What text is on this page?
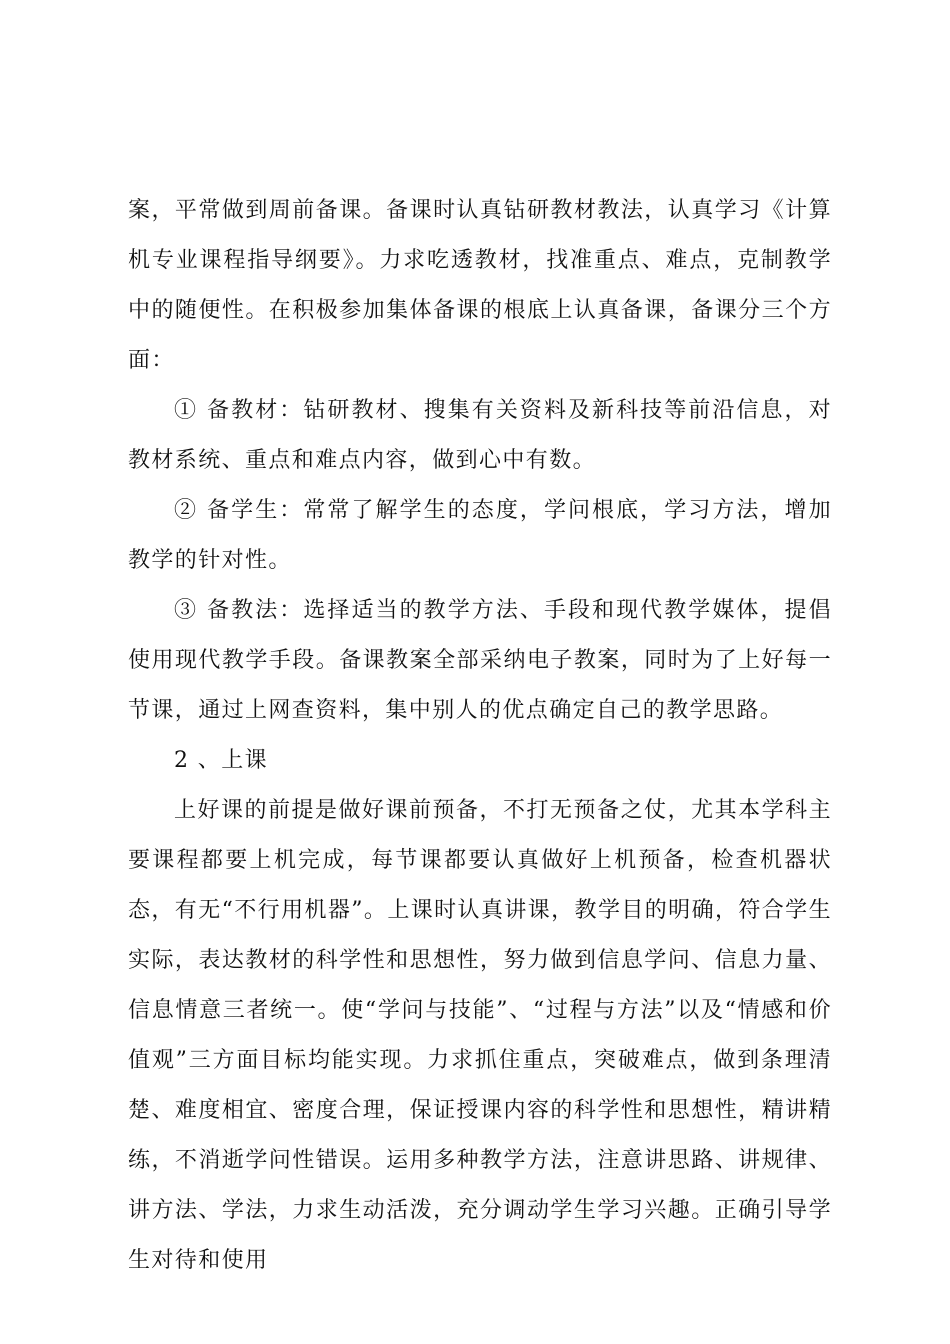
案，平常做到周前备课。备课时认真钻研教材教法，认真学习《计算机专业课程指导纲要》。力求吃透教材，找准重点、难点，克制教学中的随便性。在积极参加集体备课的根底上认真备课，备课分三个方面：

① 备教材：钻研教材、搜集有关资料及新科技等前沿信息，对教材系统、重点和难点内容，做到心中有数。

② 备学生：常常了解学生的态度，学问根底，学习方法，增加教学的针对性。

③ 备教法：选择适当的教学方法、手段和现代教学媒体，提倡使用现代教学手段。备课教案全部采纳电子教案，同时为了上好每一节课，通过上网查资料，集中别人的优点确定自己的教学思路。

2 、上课

上好课的前提是做好课前预备，不打无预备之仗，尤其本学科主要课程都要上机完成，每节课都要认真做好上机预备，检查机器状态，有无“不行用机器”。上课时认真讲课，教学目的明确，符合学生实际，表达教材的科学性和思想性，努力做到信息学问、信息力量、信息情意三者统一。使“学问与技能”、“过程与方法”以及“情感和价值观”三方面目标均能实现。力求抓住重点，突破难点，做到条理清楚、难度相宜、密度合理，保证授课内容的科学性和思想性，精讲精练，不消逝学问性错误。运用多种教学方法，注意讲思路、讲规律、讲方法、学法，力求生动活泼，充分调动学生学习兴趣。正确引导学生对待和使用
